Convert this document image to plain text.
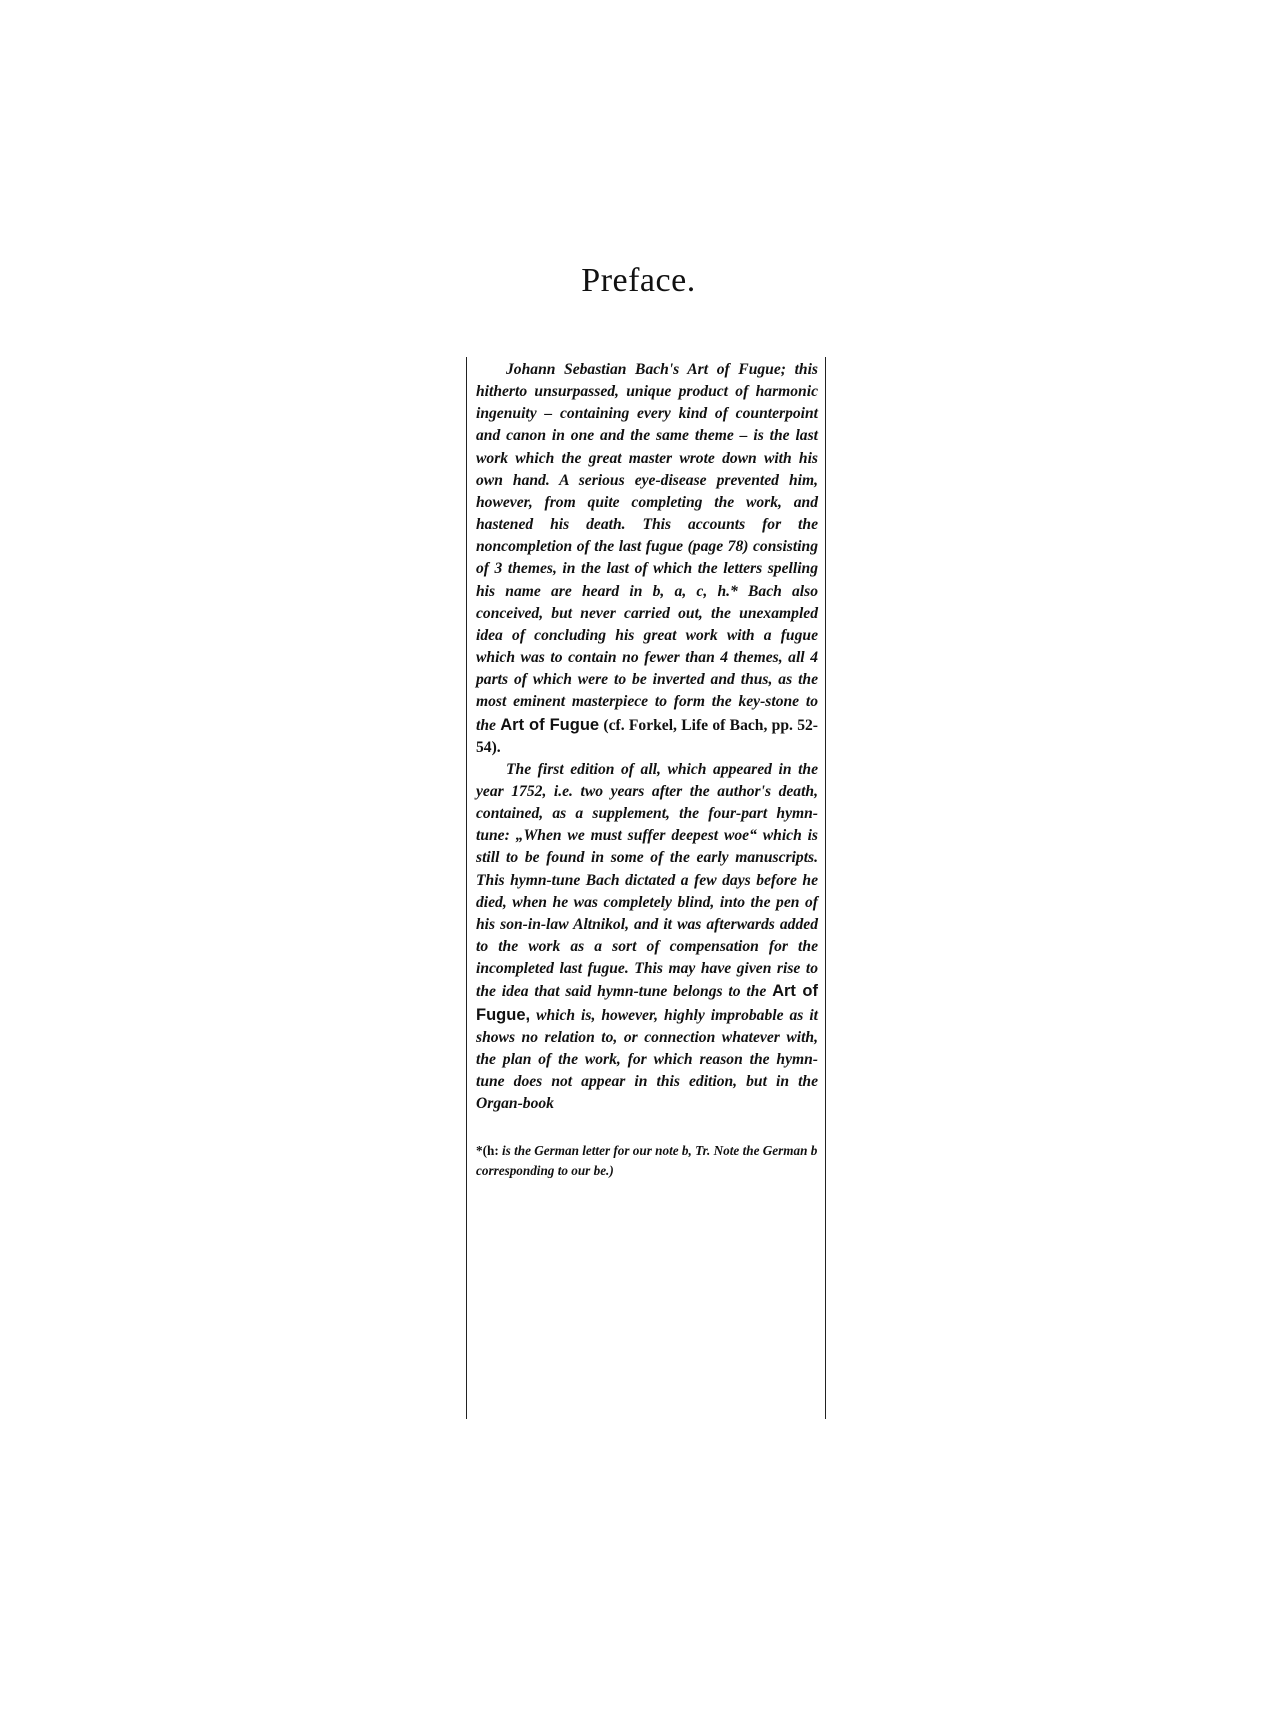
Preface.

Johann Sebastian Bach's Art of Fugue; this hitherto unsurpassed, unique product of harmonic ingenuity – containing every kind of counterpoint and canon in one and the same theme – is the last work which the great master wrote down with his own hand. A serious eye-disease prevented him, however, from quite completing the work, and hastened his death. This accounts for the noncompletion of the last fugue (page 78) consisting of 3 themes, in the last of which the letters spelling his name are heard in b, a, c, h.* Bach also conceived, but never carried out, the unexampled idea of concluding his great work with a fugue which was to contain no fewer than 4 themes, all 4 parts of which were to be inverted and thus, as the most eminent masterpiece to form the key-stone to the Art of Fugue (cf. Forkel, Life of Bach, pp. 52-54).

The first edition of all, which appeared in the year 1752, i.e. two years after the author's death, contained, as a supplement, the four-part hymn-tune: „When we must suffer deepest woe“ which is still to be found in some of the early manuscripts. This hymn-tune Bach dictated a few days before he died, when he was completely blind, into the pen of his son-in-law Altnikol, and it was afterwards added to the work as a sort of compensation for the incompleted last fugue. This may have given rise to the idea that said hymn-tune belongs to the Art of Fugue, which is, however, highly improbable as it shows no relation to, or connection whatever with, the plan of the work, for which reason the hymn-tune does not appear in this edition, but in the Organ-book

*(h: is the German letter for our note b, Tr. Note the German b corresponding to our be.)
